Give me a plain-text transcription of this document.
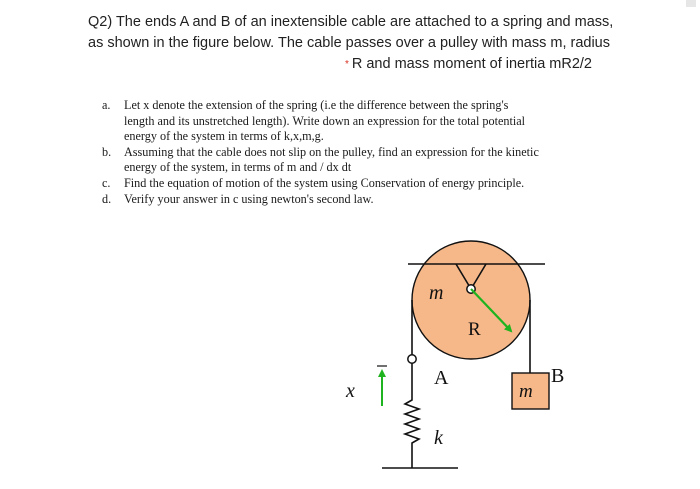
Q2) The ends A and B of an inextensible cable are attached to a spring and mass,
as shown in the figure below. The cable passes over a pulley with mass m, radius
* R and mass moment of inertia mR2/2
a.	Let x denote the extension of the spring (i.e the difference between the spring's
length and its unstretched length). Write down an expression for the total potential
energy of the system in terms of k,x,m,g.
b.	Assuming that the cable does not slip on the pulley, find an expression for the kinetic
energy of the system, in terms of m and / dx dt
c.	Find the equation of motion of the system using Conservation of energy principle.
d.	Verify your answer in c using newton's second law.
m
R
A
k
x	m
B
